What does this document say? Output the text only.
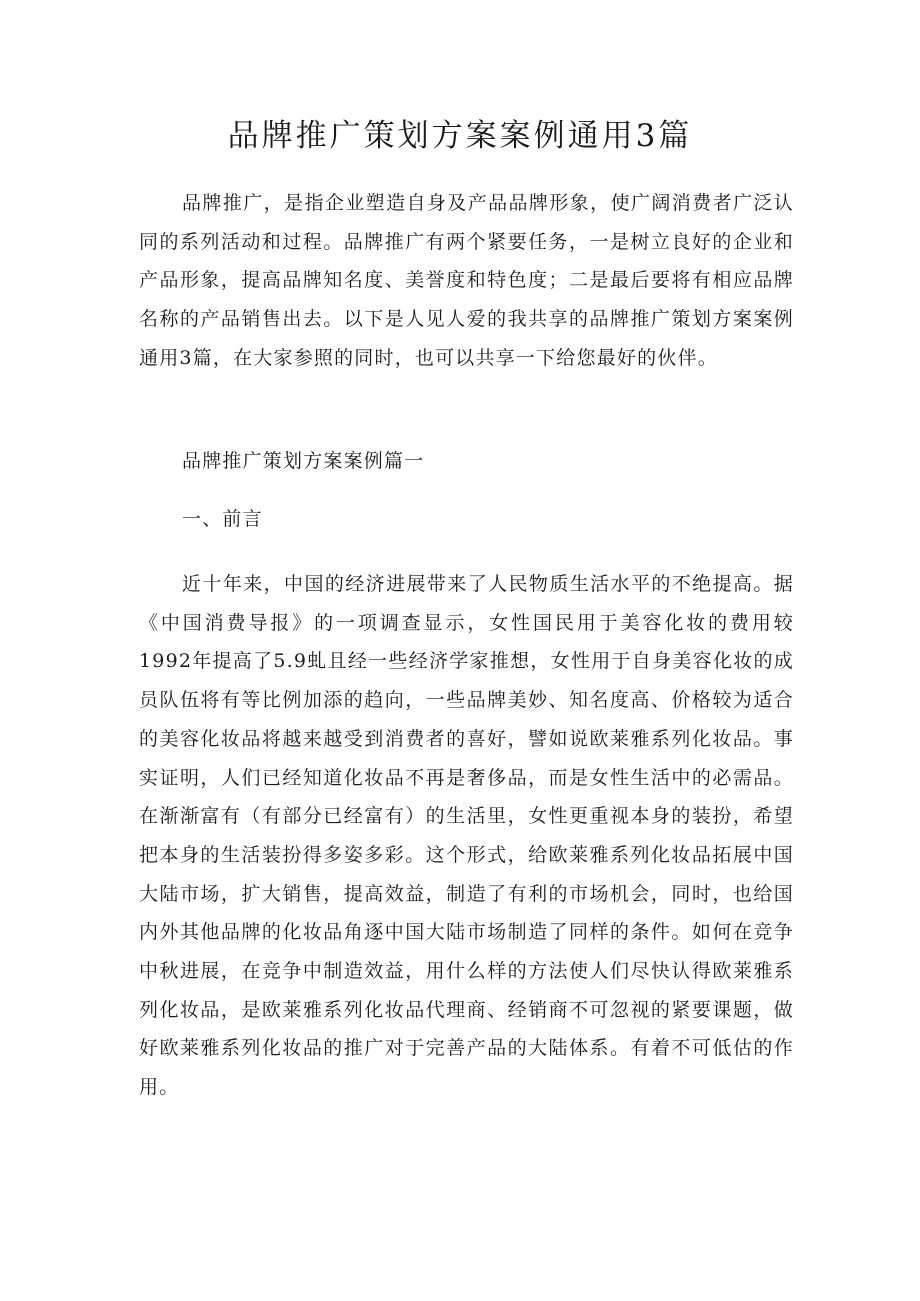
品牌推广策划方案案例通用3篇

品牌推广，是指企业塑造自身及产品品牌形象，使广阔消费者广泛认同的系列活动和过程。品牌推广有两个紧要任务，一是树立良好的企业和产品形象，提高品牌知名度、美誉度和特色度；二是最后要将有相应品牌名称的产品销售出去。以下是人见人爱的我共享的品牌推广策划方案案例通用3篇，在大家参照的同时，也可以共享一下给您最好的伙伴。

品牌推广策划方案案例篇一

一、前言

近十年来，中国的经济进展带来了人民物质生活水平的不绝提高。据《中国消费导报》的一项调查显示，女性国民用于美容化妆的费用较1992年提高了5.9虬且经一些经济学家推想，女性用于自身美容化妆的成员队伍将有等比例加添的趋向，一些品牌美妙、知名度高、价格较为适合的美容化妆品将越来越受到消费者的喜好，譬如说欧莱雅系列化妆品。事实证明，人们已经知道化妆品不再是奢侈品，而是女性生活中的必需品。在渐渐富有（有部分已经富有）的生活里，女性更重视本身的装扮，希望把本身的生活装扮得多姿多彩。这个形式，给欧莱雅系列化妆品拓展中国大陆市场，扩大销售，提高效益，制造了有利的市场机会，同时，也给国内外其他品牌的化妆品角逐中国大陆市场制造了同样的条件。如何在竞争中秋进展，在竞争中制造效益，用什么样的方法使人们尽快认得欧莱雅系列化妆品，是欧莱雅系列化妆品代理商、经销商不可忽视的紧要课题，做好欧莱雅系列化妆品的推广对于完善产品的大陆体系。有着不可低估的作用。
